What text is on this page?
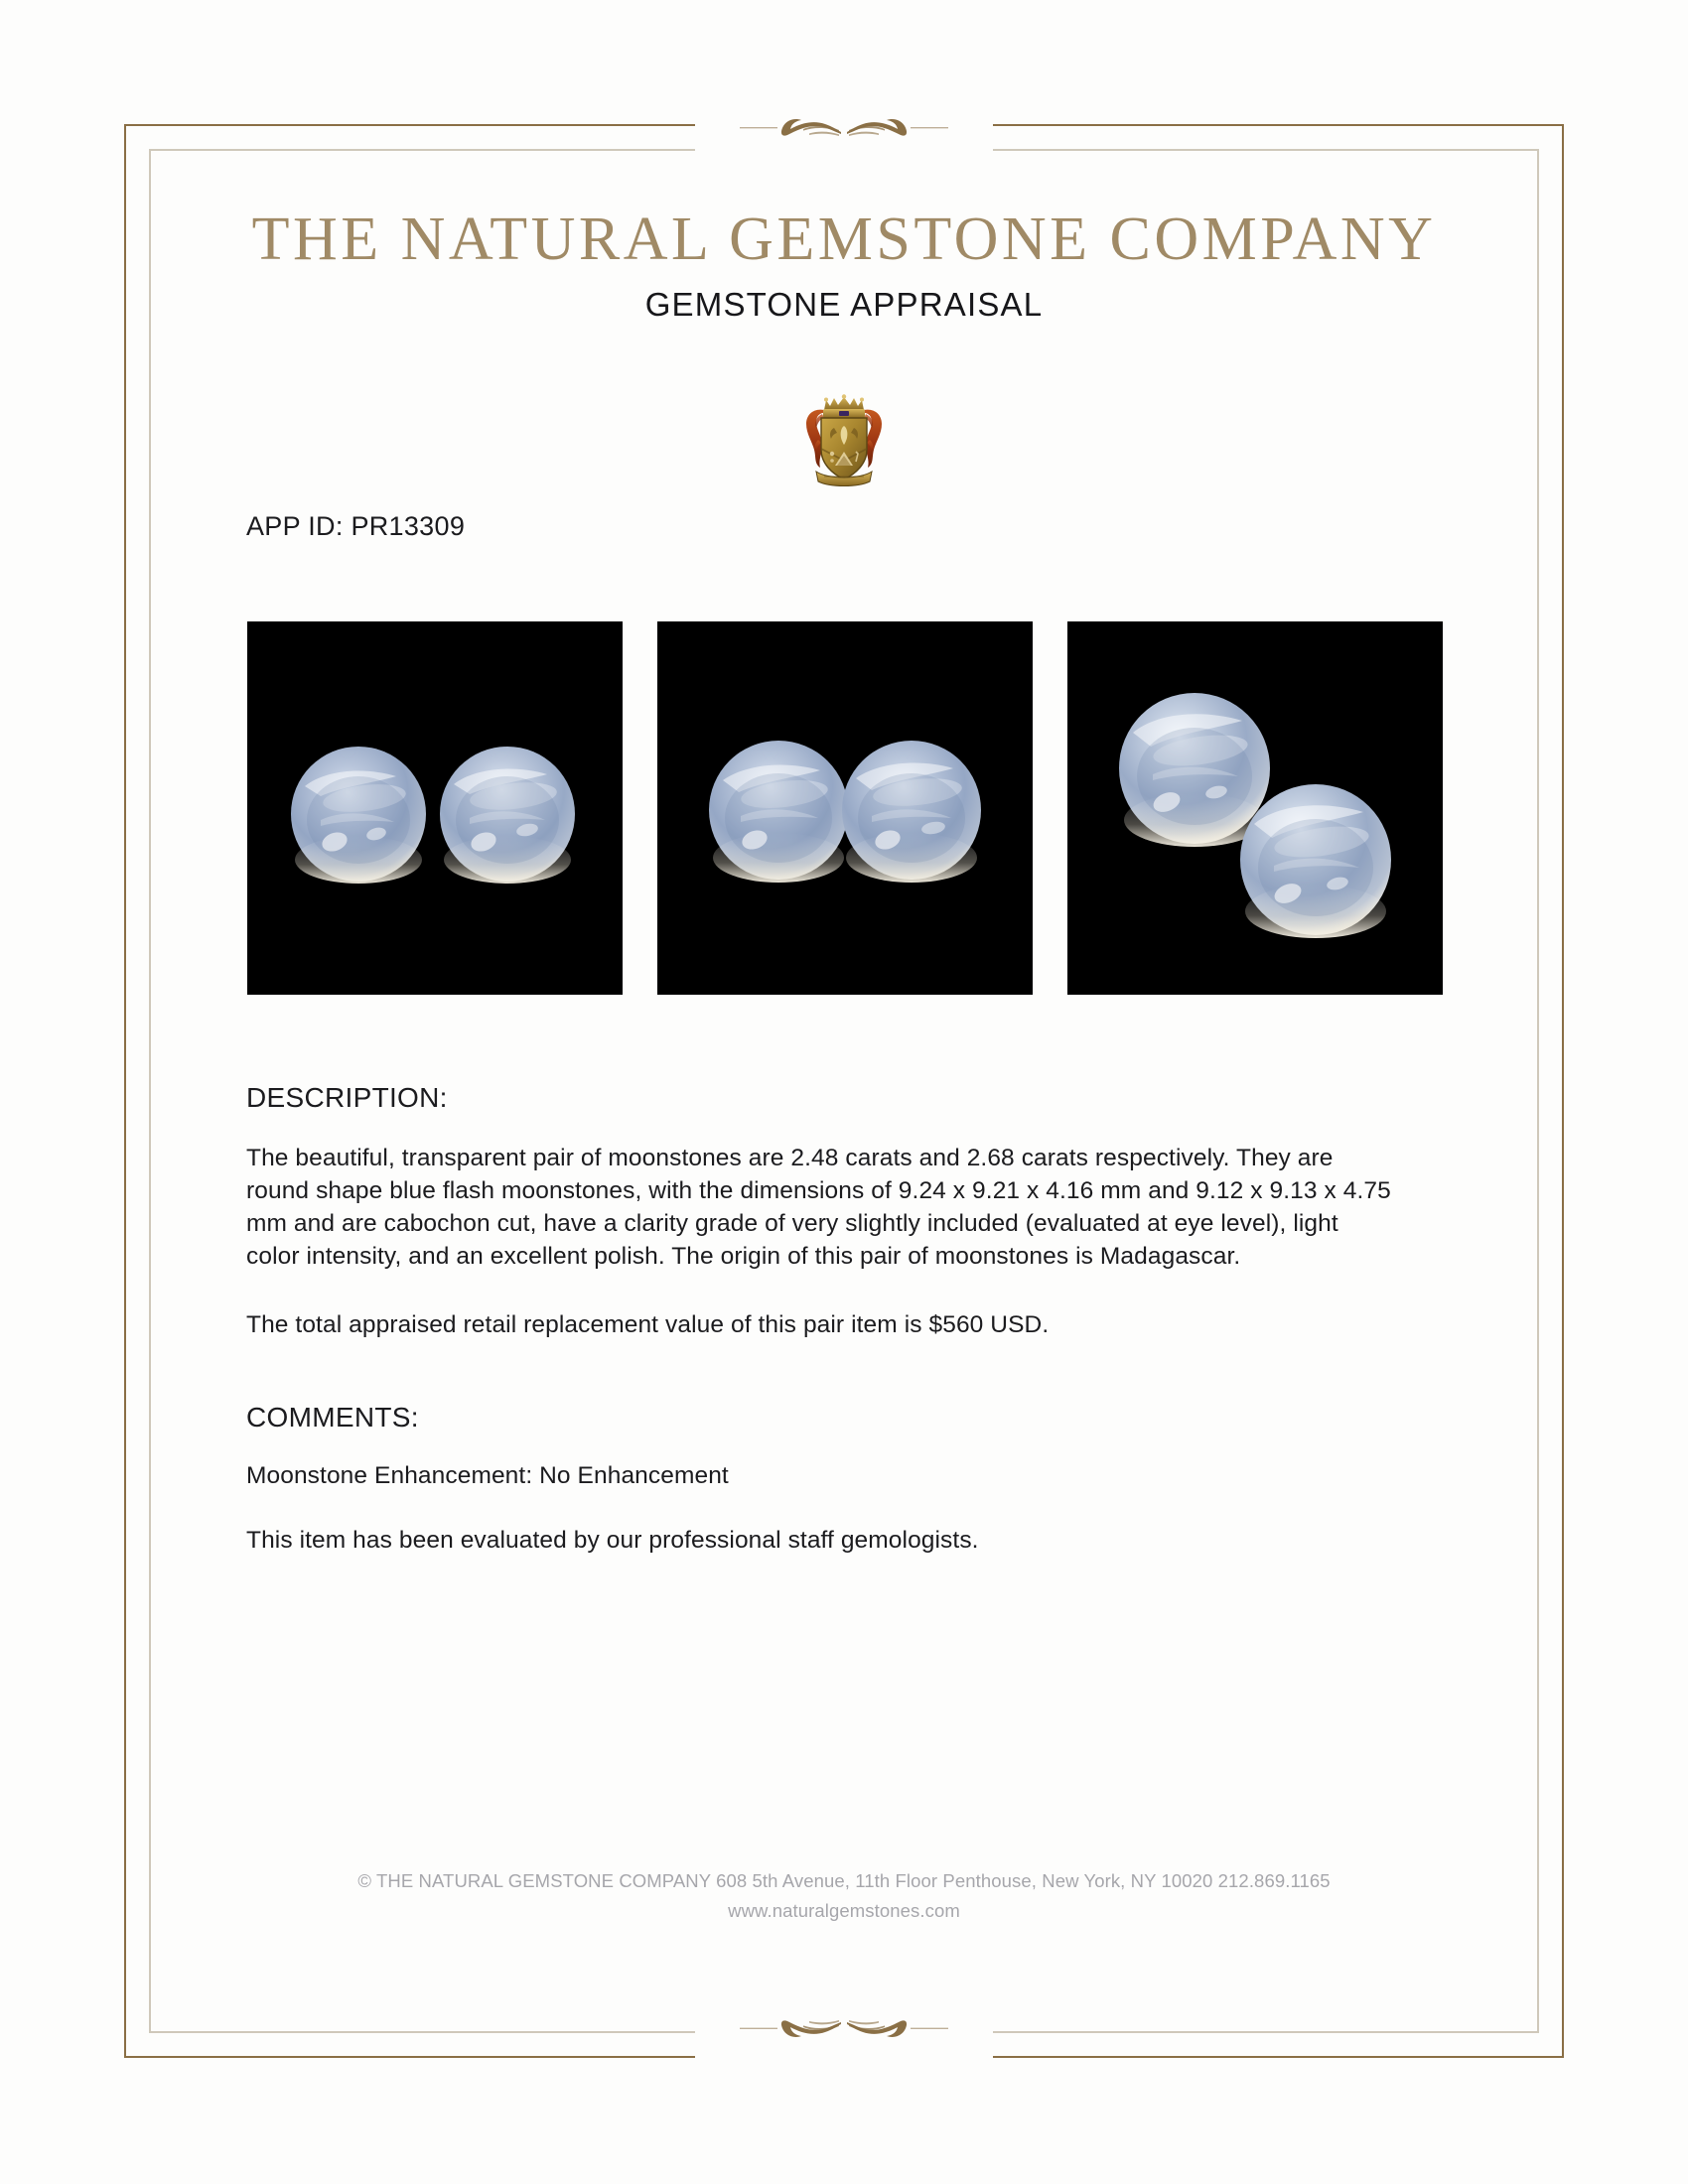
THE NATURAL GEMSTONE COMPANY
GEMSTONE APPRAISAL
APP ID: PR13309
DESCRIPTION:
The beautiful, transparent pair of moonstones are 2.48 carats and 2.68 carats respectively. They are round shape blue flash moonstones, with the dimensions of 9.24 x 9.21 x 4.16 mm and 9.12 x 9.13 x 4.75 mm and are cabochon cut, have a clarity grade of very slightly included (evaluated at eye level), light color intensity, and an excellent polish. The origin of this pair of moonstones is Madagascar.
The total appraised retail replacement value of this pair item is $560 USD.
COMMENTS:
Moonstone Enhancement: No Enhancement
This item has been evaluated by our professional staff gemologists.
© THE NATURAL GEMSTONE COMPANY 608 5th Avenue, 11th Floor Penthouse, New York, NY 10020 212.869.1165
www.naturalgemstones.com
